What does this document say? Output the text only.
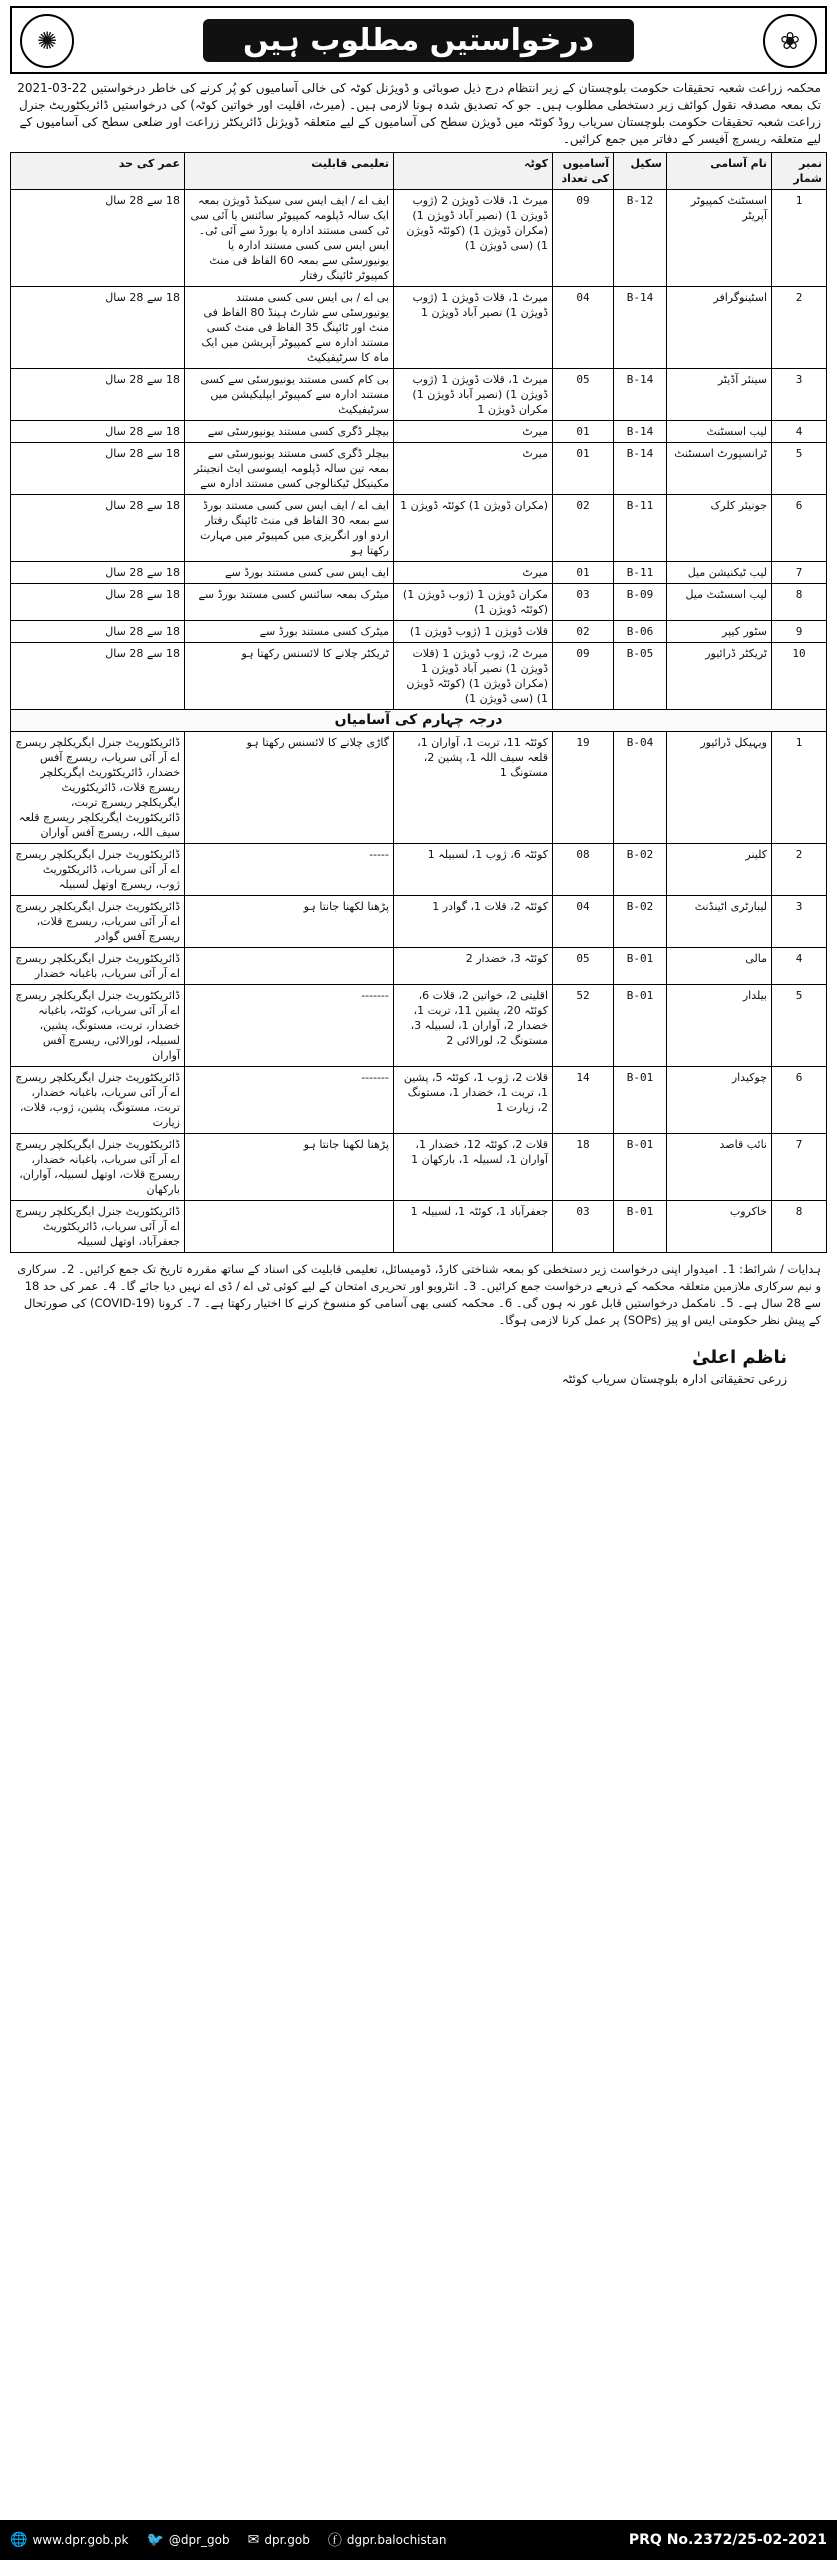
✺	درخواستیں مطلوب ہیں	❀
محکمہ زراعت شعبہ تحقیقات حکومت بلوچستان کے زیر انتظام درج ذیل صوبائی و ڈویژنل کوٹہ کی خالی آسامیوں کو پُر کرنے کی خاطر درخواستیں 22-03-2021 تک بمعہ مصدقہ نقول کوائف زیر دستخطی مطلوب ہیں۔ جو کہ تصدیق شدہ ہونا لازمی ہیں۔ (میرٹ، اقلیت اور خواتین کوٹہ) کی درخواستیں ڈائریکٹوریٹ جنرل زراعت شعبہ تحقیقات حکومت بلوچستان سریاب روڈ کوئٹہ میں ڈویژن سطح کی آسامیوں کے لیے متعلقہ ڈویژنل ڈائریکٹر زراعت اور ضلعی سطح کی آسامیوں کے لیے متعلقہ ریسرچ آفیسر کے دفاتر میں جمع کرائیں۔
نمبر شمار	نام آسامی	سکیل	آسامیوں کی تعداد	کوٹہ	تعلیمی قابلیت	عمر کی حد
1	اسسٹنٹ کمپیوٹر آپریٹر	B-12	09	میرٹ 1، قلات ڈویژن 2 (ژوب ڈویژن 1) (نصیر آباد ڈویژن 1) (مکران ڈویژن 1) (کوئٹہ ڈویژن 1) (سی ڈویژن 1)	ایف اے / ایف ایس سی سیکنڈ ڈویژن بمعہ ایک سالہ ڈپلومہ کمپیوٹر سائنس یا آئی سی ٹی کسی مستند ادارہ یا بورڈ سے آئی ٹی۔ ایس ایس سی کسی مستند ادارہ یا یونیورسٹی سے بمعہ 60 الفاظ فی منٹ کمپیوٹر ٹائپنگ رفتار	18 سے 28 سال
2	اسٹینوگرافر	B-14	04	میرٹ 1، قلات ڈویژن 1 (ژوب ڈویژن 1) نصیر آباد ڈویژن 1	بی اے / بی ایس سی کسی مستند یونیورسٹی سے شارٹ ہینڈ 80 الفاظ فی منٹ اور ٹائپنگ 35 الفاظ فی منٹ کسی مستند ادارہ سے کمپیوٹر آپریشن میں ایک ماہ کا سرٹیفیکیٹ	18 سے 28 سال
3	سینئر آڈیٹر	B-14	05	میرٹ 1، قلات ڈویژن 1 (ژوب ڈویژن 1) (نصیر آباد ڈویژن 1) مکران ڈویژن 1	بی کام کسی مستند یونیورسٹی سے کسی مستند ادارہ سے کمپیوٹر ایپلیکیشن میں سرٹیفیکیٹ	18 سے 28 سال
4	لیب اسسٹنٹ	B-14	01	میرٹ	بیچلر ڈگری کسی مستند یونیورسٹی سے	18 سے 28 سال
5	ٹرانسپورٹ اسسٹنٹ	B-14	01	میرٹ	بیچلر ڈگری کسی مستند یونیورسٹی سے بمعہ تین سالہ ڈپلومہ ایسوسی ایٹ انجینئر مکینیکل ٹیکنالوجی کسی مستند ادارہ سے	18 سے 28 سال
6	جونیئر کلرک	B-11	02	(مکران ڈویژن 1) کوئٹہ ڈویژن 1	ایف اے / ایف ایس سی کسی مستند بورڈ سے بمعہ 30 الفاظ فی منٹ ٹائپنگ رفتار اردو اور انگریزی میں کمپیوٹر میں مہارت رکھتا ہو	18 سے 28 سال
7	لیب ٹیکنیشن میل	B-11	01	میرٹ	ایف ایس سی کسی مستند بورڈ سے	18 سے 28 سال
8	لیب اسسٹنٹ میل	B-09	03	مکران ڈویژن 1 (ژوب ڈویژن 1) (کوئٹہ ڈویژن 1)	میٹرک بمعہ سائنس کسی مستند بورڈ سے	18 سے 28 سال
9	سٹور کیپر	B-06	02	قلات ڈویژن 1 (ژوب ڈویژن 1)	میٹرک کسی مستند بورڈ سے	18 سے 28 سال
10	ٹریکٹر ڈرائیور	B-05	09	میرٹ 2، ژوب ڈویژن 1 (قلات ڈویژن 1) نصیر آباد ڈویژن 1 (مکران ڈویژن 1) (کوئٹہ ڈویژن 1) (سی ڈویژن 1)	ٹریکٹر چلانے کا لائسنس رکھتا ہو	18 سے 28 سال
درجہ چہارم کی آسامیاں						
1	ویہیکل ڈرائیور	B-04	19	کوئٹہ 11، تربت 1، آواران 1، قلعہ سیف اللہ 1، پشین 2، مستونگ 1	گاڑی چلانے کا لائسنس رکھتا ہو	ڈائریکٹوریٹ جنرل ایگریکلچر ریسرچ اے آر آئی سریاب، ریسرچ آفس خضدار، ڈائریکٹوریٹ ایگریکلچر ریسرچ قلات، ڈائریکٹوریٹ ایگریکلچر ریسرچ تربت، ڈائریکٹوریٹ ایگریکلچر ریسرچ قلعہ سیف اللہ، ریسرچ آفس آواران
2	کلینر	B-02	08	کوئٹہ 6، ژوب 1، لسبیلہ 1	-----	ڈائریکٹوریٹ جنرل ایگریکلچر ریسرچ اے آر آئی سریاب، ڈائریکٹوریٹ ژوب، ریسرچ اوتھل لسبیلہ
3	لیبارٹری اٹینڈنٹ	B-02	04	کوئٹہ 2، قلات 1، گوادر 1	پڑھنا لکھنا جانتا ہو	ڈائریکٹوریٹ جنرل ایگریکلچر ریسرچ اے آر آئی سریاب، ریسرچ قلات، ریسرچ آفس گوادر
4	مالی	B-01	05	کوئٹہ 3، خضدار 2		ڈائریکٹوریٹ جنرل ایگریکلچر ریسرچ اے آر آئی سریاب، باغبانہ خضدار
5	بیلدار	B-01	52	اقلیتی 2، خواتین 2، قلات 6، کوئٹہ 20، پشین 11، تربت 1، خضدار 2، آواران 1، لسبیلہ 3، مستونگ 2، لورالائی 2	-------	ڈائریکٹوریٹ جنرل ایگریکلچر ریسرچ اے آر آئی سریاب، کوئٹہ، باغبانہ خضدار، تربت، مستونگ، پشین، لسبیلہ، لورالائی، ریسرچ آفس آواران
6	چوکیدار	B-01	14	قلات 2، ژوب 1، کوئٹہ 5، پشین 1، تربت 1، خضدار 1، مستونگ 2، زیارت 1	-------	ڈائریکٹوریٹ جنرل ایگریکلچر ریسرچ اے آر آئی سریاب، باغبانہ خضدار، تربت، مستونگ، پشین، ژوب، قلات، زیارت
7	نائب قاصد	B-01	18	قلات 2، کوئٹہ 12، خضدار 1، آواران 1، لسبیلہ 1، بارکھان 1	پڑھنا لکھنا جانتا ہو	ڈائریکٹوریٹ جنرل ایگریکلچر ریسرچ اے آر آئی سریاب، باغبانہ خضدار، ریسرچ قلات، اوتھل لسبیلہ، آواران، بارکھان
8	خاکروب	B-01	03	جعفرآباد 1، کوئٹہ 1، لسبیلہ 1		ڈائریکٹوریٹ جنرل ایگریکلچر ریسرچ اے آر آئی سریاب، ڈائریکٹوریٹ جعفرآباد، اوتھل لسبیلہ
ہدایات / شرائط: 1۔ امیدوار اپنی درخواست زیر دستخطی کو بمعہ شناختی کارڈ، ڈومیسائل، تعلیمی قابلیت کی اسناد کے ساتھ مقررہ تاریخ تک جمع کرائیں۔ 2۔ سرکاری و نیم سرکاری ملازمین متعلقہ محکمہ کے ذریعے درخواست جمع کرائیں۔ 3۔ انٹرویو اور تحریری امتحان کے لیے کوئی ٹی اے / ڈی اے نہیں دیا جائے گا۔ 4۔ عمر کی حد 18 سے 28 سال ہے۔ 5۔ نامکمل درخواستیں قابل غور نہ ہوں گی۔ 6۔ محکمہ کسی بھی آسامی کو منسوخ کرنے کا اختیار رکھتا ہے۔ 7۔ کرونا (COVID-19) کی صورتحال کے پیش نظر حکومتی ایس او پیز (SOPs) پر عمل کرنا لازمی ہوگا۔
ناظم اعلیٰ
زرعی تحقیقاتی ادارہ بلوچستان سریاب کوئٹہ
🌐 www.dpr.gob.pk 🐦 @dpr_gob ✉ dpr.gob ⓕ dgpr.balochistan	PRQ No.2372/25-02-2021
